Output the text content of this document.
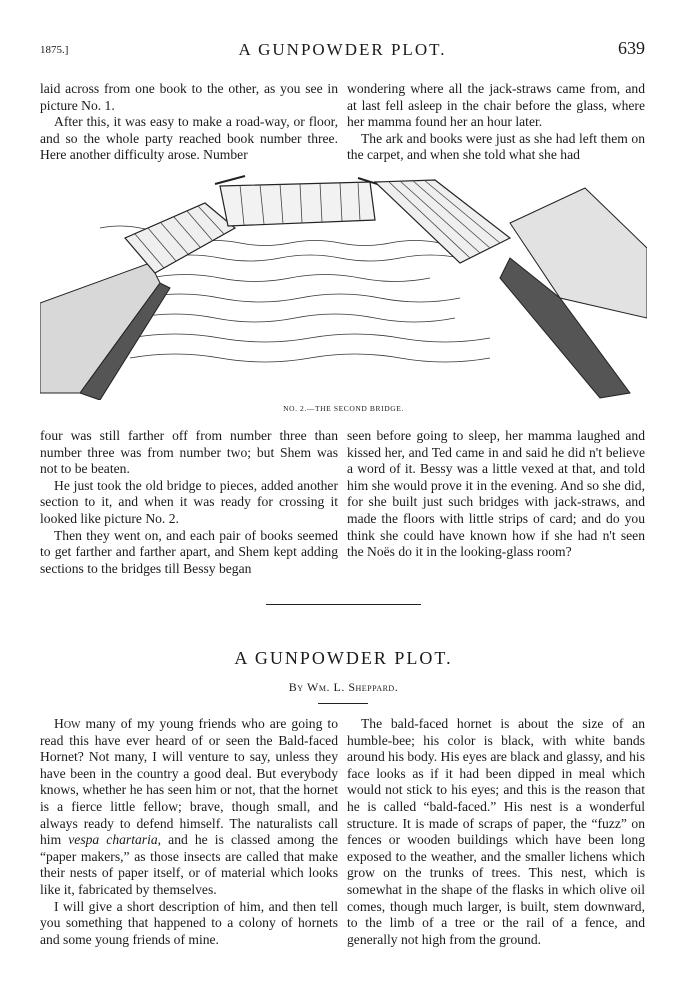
1875.]	A GUNPOWDER PLOT.	639

laid across from one book to the other, as you see in picture No. 1.

After this, it was easy to make a road-way, or floor, and so the whole party reached book number three. Here another difficulty arose. Number

wondering where all the jack-straws came from, and at last fell asleep in the chair before the glass, where her mamma found her an hour later.

The ark and books were just as she had left them on the carpet, and when she told what she had

NO. 2.—THE SECOND BRIDGE.

four was still farther off from number three than number three was from number two; but Shem was not to be beaten.

He just took the old bridge to pieces, added another section to it, and when it was ready for crossing it looked like picture No. 2.

Then they went on, and each pair of books seemed to get farther and farther apart, and Shem kept adding sections to the bridges till Bessy began

seen before going to sleep, her mamma laughed and kissed her, and Ted came in and said he did n't believe a word of it. Bessy was a little vexed at that, and told him she would prove it in the evening. And so she did, for she built just such bridges with jack-straws, and made the floors with little strips of card; and do you think she could have known how if she had n't seen the Noës do it in the looking-glass room?

A GUNPOWDER PLOT.
By Wm. L. Sheppard.

How many of my young friends who are going to read this have ever heard of or seen the Bald-faced Hornet? Not many, I will venture to say, unless they have been in the country a good deal. But everybody knows, whether he has seen him or not, that the hornet is a fierce little fellow; brave, though small, and always ready to defend himself. The naturalists call him vespa chartaria, and he is classed among the “paper makers,” as those insects are called that make their nests of paper itself, or of material which looks like it, fabricated by themselves.

I will give a short description of him, and then tell you something that happened to a colony of hornets and some young friends of mine.

The bald-faced hornet is about the size of an humble-bee; his color is black, with white bands around his body. His eyes are black and glassy, and his face looks as if it had been dipped in meal which would not stick to his eyes; and this is the reason that he is called “bald-faced.” His nest is a wonderful structure. It is made of scraps of paper, the “fuzz” on fences or wooden buildings which have been long exposed to the weather, and the smaller lichens which grow on the trunks of trees. This nest, which is somewhat in the shape of the flasks in which olive oil comes, though much larger, is built, stem downward, to the limb of a tree or the rail of a fence, and generally not high from the ground.
